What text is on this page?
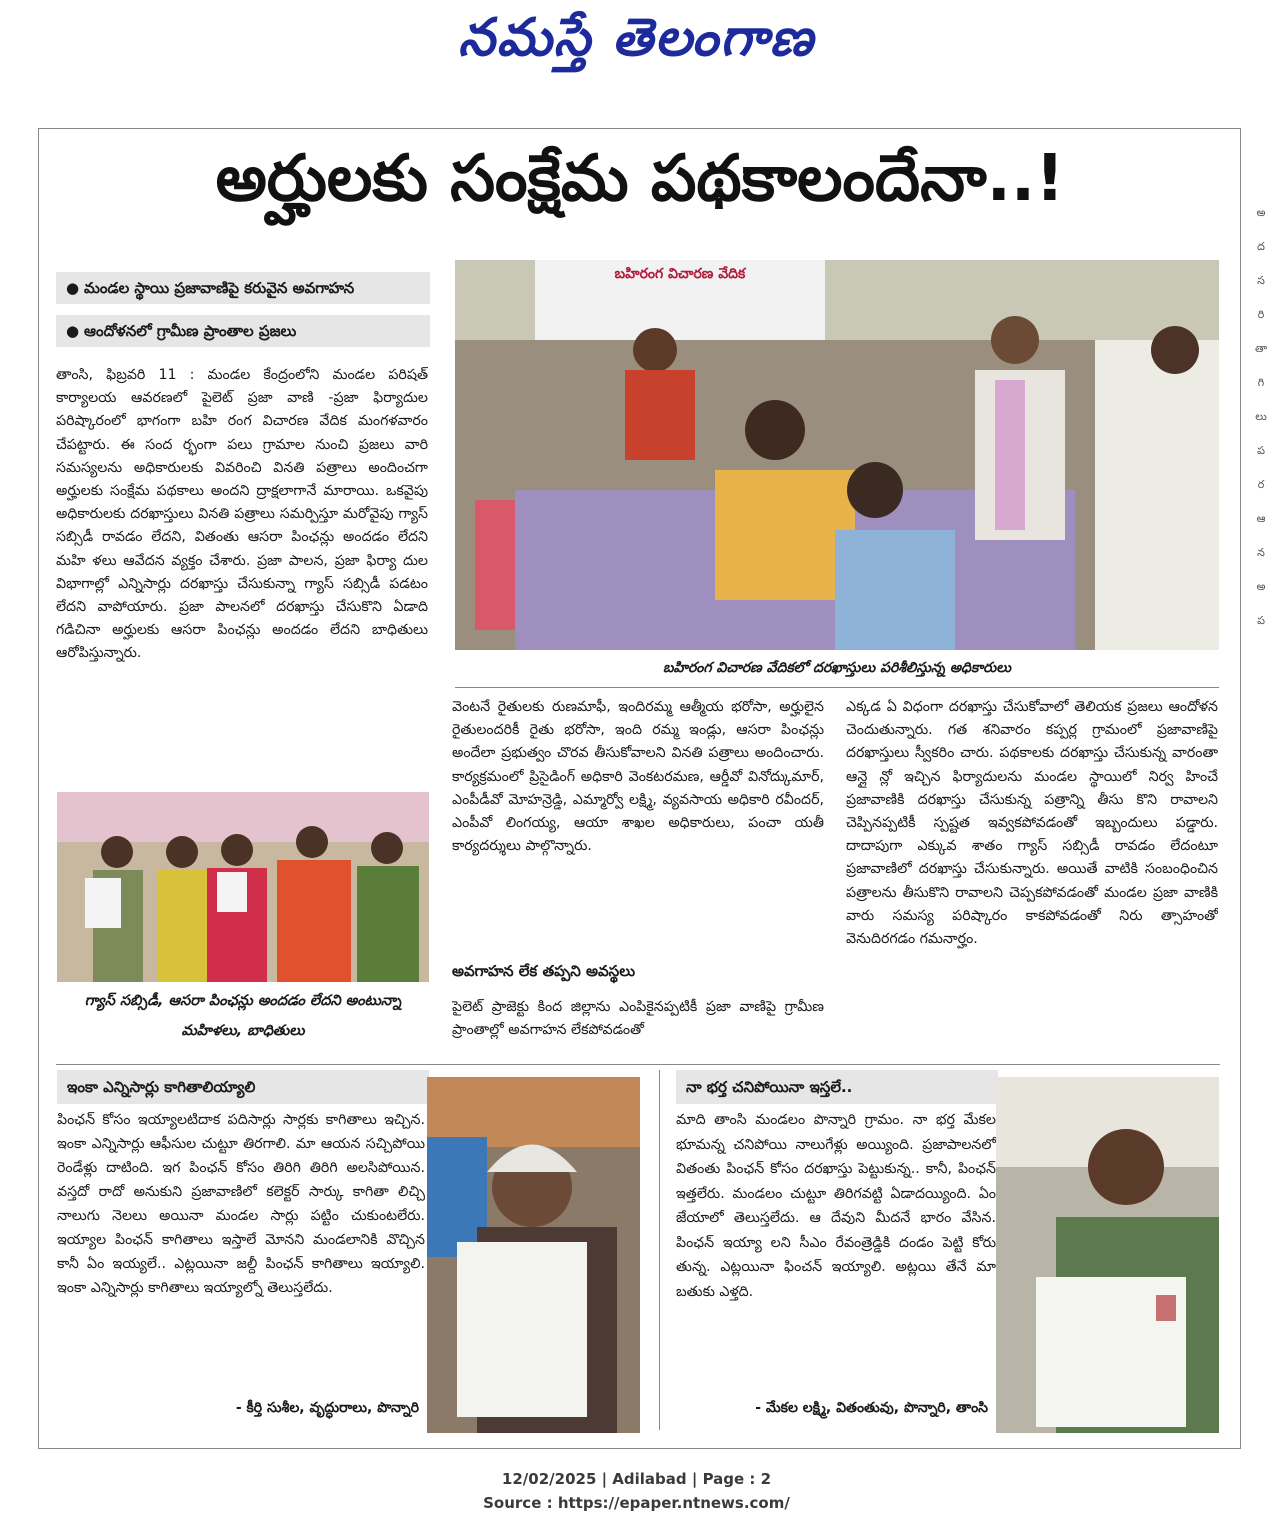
నమస్తే తెలంగాణ
అ
ద
స
రి
తా
గి
లు
ప
ర
ఆ
న
అ
ప
అర్హులకు సంక్షేమ పథకాలందేనా..!
● మండల స్థాయి ప్రజావాణిపై కరువైన అవగాహన
● ఆందోళనలో గ్రామీణ ప్రాంతాల ప్రజలు
తాంసి, ఫిబ్రవరి 11 : మండల కేంద్రంలోని మండల పరిషత్ కార్యాలయ ఆవరణలో పైలెట్ ప్రజా వాణి -ప్రజా ఫిర్యాదుల పరిష్కారంలో భాగంగా బహి రంగ విచారణ వేదిక మంగళవారం చేపట్టారు. ఈ సంద ర్భంగా పలు గ్రామాల నుంచి ప్రజలు వారి సమస్యలను అధికారులకు వివరించి వినతి పత్రాలు అందించగా అర్హులకు సంక్షేమ పథకాలు అందని ద్రాక్షలాగానే మారాయి. ఒకవైపు అధికారులకు దరఖాస్తులు వినతి పత్రాలు సమర్పిస్తూ మరోవైపు గ్యాస్ సబ్సిడీ రావడం లేదని, వితంతు ఆసరా పింఛన్లు అందడం లేదని మహి ళలు ఆవేదన వ్యక్తం చేశారు. ప్రజా పాలన, ప్రజా ఫిర్యా దుల విభాగాల్లో ఎన్నిసార్లు దరఖాస్తు చేసుకున్నా గ్యాస్ సబ్సిడీ పడటం లేదని వాపోయారు. ప్రజా పాలనలో దరఖాస్తు చేసుకొని ఏడాది గడిచినా అర్హులకు ఆసరా పింఛన్లు అందడం లేదని బాధితులు ఆరోపిస్తున్నారు.
బహిరంగ విచారణ వేదిక
బహిరంగ విచారణ వేదికలో దరఖాస్తులు పరిశీలిస్తున్న అధికారులు
గ్యాస్ సబ్సిడీ, ఆసరా పింఛన్లు అందడం లేదని అంటున్నా మహిళలు, బాధితులు
వెంటనే రైతులకు రుణమాఫీ, ఇందిరమ్మ ఆత్మీయ భరోసా, అర్హులైన రైతులందరికీ రైతు భరోసా, ఇంది రమ్మ ఇండ్లు, ఆసరా పింఛన్లు అందేలా ప్రభుత్వం చొరవ తీసుకోవాలని వినతి పత్రాలు అందించారు. కార్యక్రమంలో ప్రిసైడింగ్ అధికారి వెంకటరమణ, ఆర్డీవో వినోద్కుమార్, ఎంపీడీవో మోహన్రెడ్డి, ఎమ్మార్వో లక్ష్మి, వ్యవసాయ అధికారి రవీందర్, ఎంపీవో లింగయ్య, ఆయా శాఖల అధికారులు, పంచా యతీ కార్యదర్శులు పాల్గొన్నారు.
అవగాహన లేక తప్పని అవస్థలు
పైలెట్ ప్రాజెక్టు కింద జిల్లాను ఎంపికైనప్పటికీ ప్రజా వాణిపై గ్రామీణ ప్రాంతాల్లో అవగాహన లేకపోవడంతో
ఎక్కడ ఏ విధంగా దరఖాస్తు చేసుకోవాలో తెలియక ప్రజలు ఆందోళన చెందుతున్నారు. గత శనివారం కప్పర్ల గ్రామంలో ప్రజావాణిపై దరఖాస్తులు స్వీకరిం చారు. పథకాలకు దరఖాస్తు చేసుకున్న వారంతా ఆన్లై న్లో ఇచ్చిన ఫిర్యాదులను మండల స్థాయిలో నిర్వ హించే ప్రజావాణికి దరఖాస్తు చేసుకున్న పత్రాన్ని తీసు కొని రావాలని చెప్పినప్పటికీ స్పష్టత ఇవ్వకపోవడంతో ఇబ్బందులు పడ్డారు. దాదాపుగా ఎక్కువ శాతం గ్యాస్ సబ్సిడీ రావడం లేదంటూ ప్రజావాణిలో దరఖాస్తు చేసుకున్నారు. అయితే వాటికి సంబంధించిన పత్రాలను తీసుకొని రావాలని చెప్పకపోవడంతో మండల ప్రజా వాణికి వారు సమస్య పరిష్కారం కాకపోవడంతో నిరు త్సాహంతో వెనుదిరగడం గమనార్హం.
ఇంకా ఎన్నిసార్లు కాగితాలియ్యాలి
పింఛన్ కోసం ఇయ్యాలటిదాక పదిసార్లు సార్లకు కాగితాలు ఇచ్చిన. ఇంకా ఎన్నిసార్లు ఆఫీసుల చుట్టూ తిరగాలి. మా ఆయన సచ్చిపోయి రెండేళ్లు దాటింది. ఇగ పింఛన్ కోసం తిరిగి తిరిగి అలసిపోయిన. వస్తదో రాదో అనుకుని ప్రజావాణిలో కలెక్టర్ సార్కు కాగితా లిచ్చి నాలుగు నెలలు అయినా మండల సార్లు పట్టిం చుకుంటలేరు. ఇయ్యాల పింఛన్ కాగితాలు ఇస్తాలే మోనని మండలానికి వొచ్చిన కానీ ఏం ఇయ్యలే.. ఎట్లయినా జల్దీ పింఛన్ కాగితాలు ఇయ్యాలి. ఇంకా ఎన్నిసార్లు కాగితాలు ఇయ్యాల్నో తెలుస్తలేదు.
- కీర్తి సుశీల, వృద్ధురాలు, పొన్నారి
నా భర్త చనిపోయినా ఇస్తలే..
మాది తాంసి మండలం పొన్నారి గ్రామం. నా భర్త మేకల భూమన్న చనిపోయి నాలుగేళ్లు అయ్యింది. ప్రజాపాలనలో వితంతు పింఛన్ కోసం దరఖాస్తు పెట్టుకున్న.. కానీ, పింఛన్ ఇత్తలేరు. మండలం చుట్టూ తిరిగవట్టి ఏడాదయ్యింది. ఏం జేయాలో తెలుస్తలేదు. ఆ దేవుని మీదనే భారం వేసిన. పింఛన్ ఇయ్యా లని సీఎం రేవంత్రెడ్డికి దండం పెట్టి కోరు తున్న. ఎట్లయినా ఫించన్ ఇయ్యాలి. అట్లయి తేనే మా బతుకు ఎళ్తది.
- మేకల లక్ష్మి, వితంతువు, పొన్నారి, తాంసి
12/02/2025 | Adilabad | Page : 2
Source : https://epaper.ntnews.com/
